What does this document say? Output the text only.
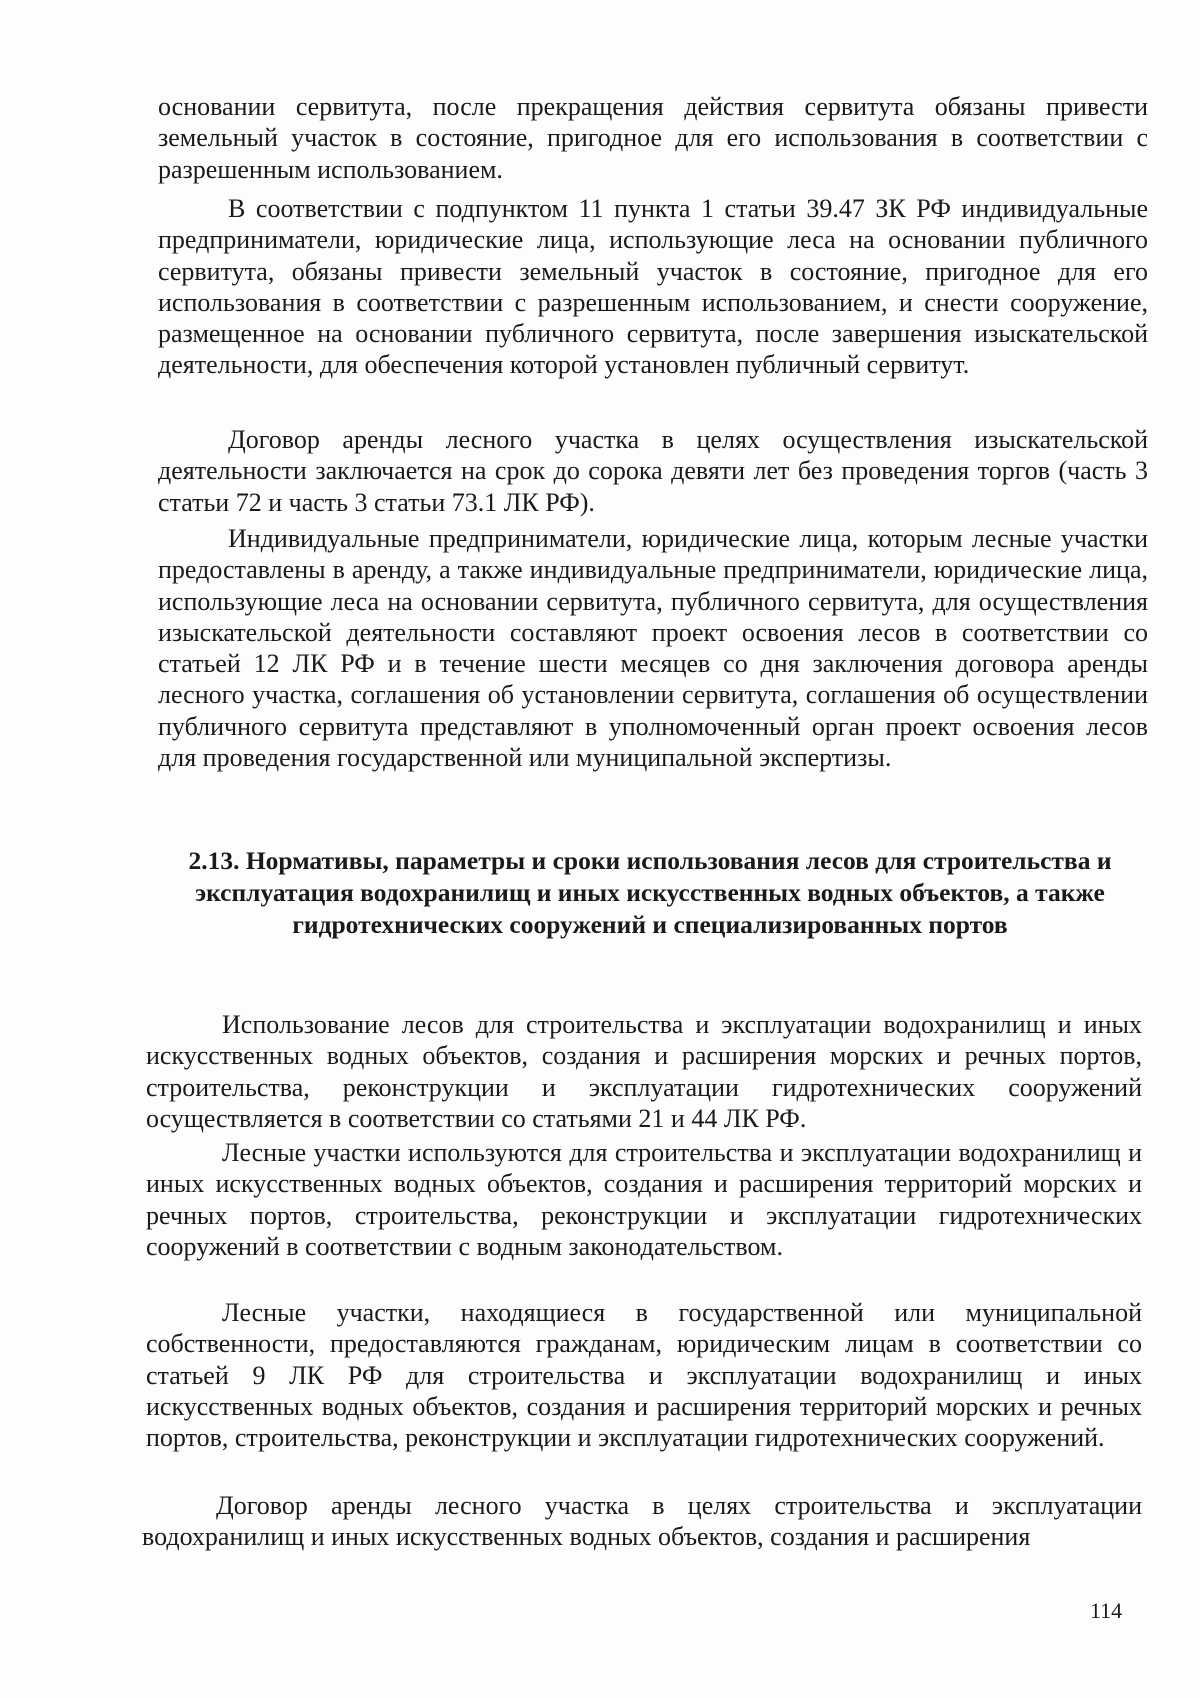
основании сервитута, после прекращения действия сервитута обязаны привести земельный участок в состояние, пригодное для его использования в соответствии с разрешенным использованием.

В соответствии с подпунктом 11 пункта 1 статьи 39.47 ЗК РФ индивидуальные предприниматели, юридические лица, использующие леса на основании публичного сервитута, обязаны привести земельный участок в состояние, пригодное для его использования в соответствии с разрешенным использованием, и снести сооружение, размещенное на основании публичного сервитута, после завершения изыскательской деятельности, для обеспечения которой установлен публичный сервитут.

Договор аренды лесного участка в целях осуществления изыскательской деятельности заключается на срок до сорока девяти лет без проведения торгов (часть 3 статьи 72 и часть 3 статьи 73.1 ЛК РФ).

Индивидуальные предприниматели, юридические лица, которым лесные участки предоставлены в аренду, а также индивидуальные предприниматели, юридические лица, использующие леса на основании сервитута, публичного сервитута, для осуществления изыскательской деятельности составляют проект освоения лесов в соответствии со статьей 12 ЛК РФ и в течение шести месяцев со дня заключения договора аренды лесного участка, соглашения об установлении сервитута, соглашения об осуществлении публичного сервитута представляют в уполномоченный орган проект освоения лесов для проведения государственной или муниципальной экспертизы.

2.13. Нормативы, параметры и сроки использования лесов для строительства и эксплуатация водохранилищ и иных искусственных водных объектов, а также гидротехнических сооружений и специализированных портов

Использование лесов для строительства и эксплуатации водохранилищ и иных искусственных водных объектов, создания и расширения морских и речных портов, строительства, реконструкции и эксплуатации гидротехнических сооружений осуществляется в соответствии со статьями 21 и 44 ЛК РФ.

Лесные участки используются для строительства и эксплуатации водохранилищ и иных искусственных водных объектов, создания и расширения территорий морских и речных портов, строительства, реконструкции и эксплуатации гидротехнических сооружений в соответствии с водным законодательством.

Лесные участки, находящиеся в государственной или муниципальной собственности, предоставляются гражданам, юридическим лицам в соответствии со статьей 9 ЛК РФ для строительства и эксплуатации водохранилищ и иных искусственных водных объектов, создания и расширения территорий морских и речных портов, строительства, реконструкции и эксплуатации гидротехнических сооружений.

Договор аренды лесного участка в целях строительства и эксплуатации водохранилищ и иных искусственных водных объектов, создания и расширения

114
